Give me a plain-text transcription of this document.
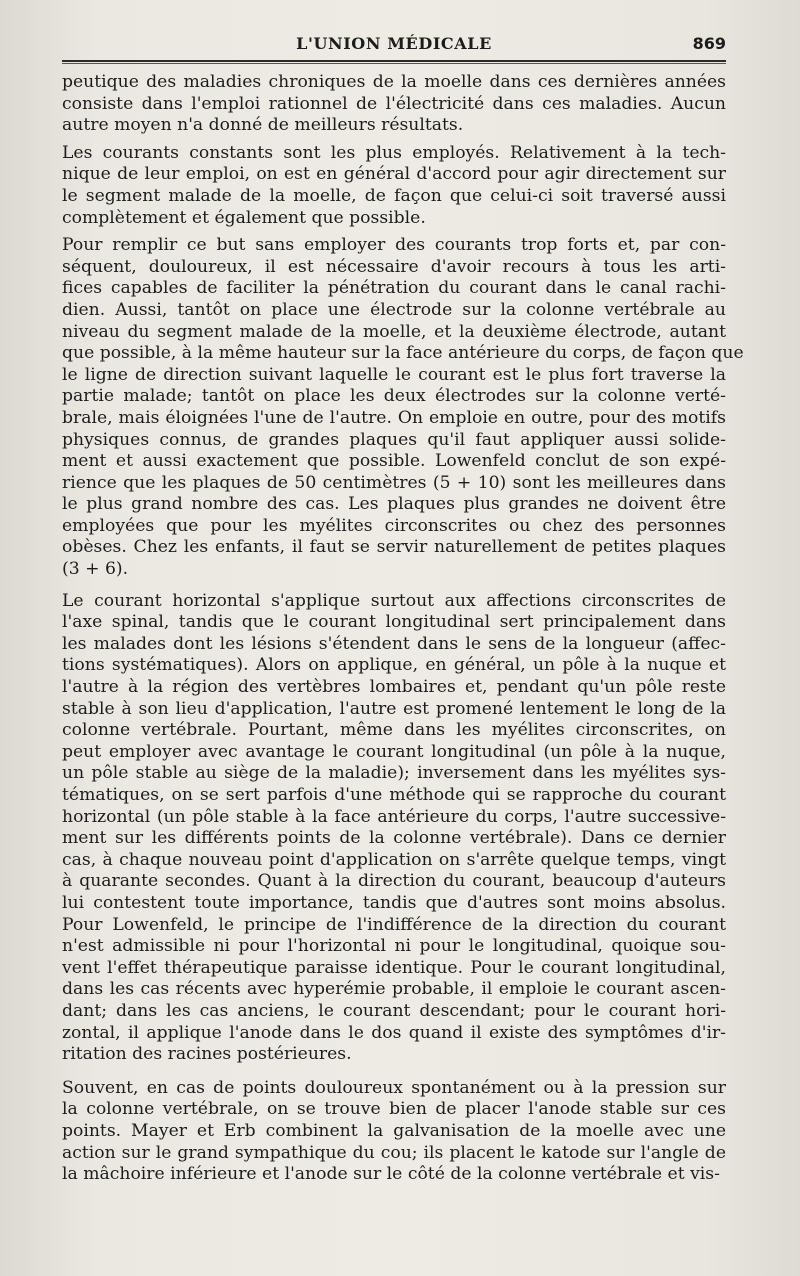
L'UNION MÉDICALE	869
peutique des maladies chroniques de la moelle dans ces dernières années
consiste dans l'emploi rationnel de l'électricité dans ces maladies. Aucun
autre moyen n'a donné de meilleurs résultats.
Les courants constants sont les plus employés. Relativement à la tech-
nique de leur emploi, on est en général d'accord pour agir directement sur
le segment malade de la moelle, de façon que celui-ci soit traversé aussi
complètement et également que possible.
Pour remplir ce but sans employer des courants trop forts et, par con-
séquent, douloureux, il est nécessaire d'avoir recours à tous les arti-
fices capables de faciliter la pénétration du courant dans le canal rachi-
dien. Aussi, tantôt on place une électrode sur la colonne vertébrale au
niveau du segment malade de la moelle, et la deuxième électrode, autant
que possible, à la même hauteur sur la face antérieure du corps, de façon que
le ligne de direction suivant laquelle le courant est le plus fort traverse la
partie malade; tantôt on place les deux électrodes sur la colonne verté-
brale, mais éloignées l'une de l'autre. On emploie en outre, pour des motifs
physiques connus, de grandes plaques qu'il faut appliquer aussi solide-
ment et aussi exactement que possible. Lowenfeld conclut de son expé-
rience que les plaques de 50 centimètres (5 + 10) sont les meilleures dans
le plus grand nombre des cas. Les plaques plus grandes ne doivent être
employées que pour les myélites circonscrites ou chez des personnes
obèses. Chez les enfants, il faut se servir naturellement de petites plaques
(3 + 6).
Le courant horizontal s'applique surtout aux affections circonscrites de
l'axe spinal, tandis que le courant longitudinal sert principalement dans
les malades dont les lésions s'étendent dans le sens de la longueur (affec-
tions systématiques). Alors on applique, en général, un pôle à la nuque et
l'autre à la région des vertèbres lombaires et, pendant qu'un pôle reste
stable à son lieu d'application, l'autre est promené lentement le long de la
colonne vertébrale. Pourtant, même dans les myélites circonscrites, on
peut employer avec avantage le courant longitudinal (un pôle à la nuque,
un pôle stable au siège de la maladie); inversement dans les myélites sys-
tématiques, on se sert parfois d'une méthode qui se rapproche du courant
horizontal (un pôle stable à la face antérieure du corps, l'autre successive-
ment sur les différents points de la colonne vertébrale). Dans ce dernier
cas, à chaque nouveau point d'application on s'arrête quelque temps, vingt
à quarante secondes. Quant à la direction du courant, beaucoup d'auteurs
lui contestent toute importance, tandis que d'autres sont moins absolus.
Pour Lowenfeld, le principe de l'indifférence de la direction du courant
n'est admissible ni pour l'horizontal ni pour le longitudinal, quoique sou-
vent l'effet thérapeutique paraisse identique. Pour le courant longitudinal,
dans les cas récents avec hyperémie probable, il emploie le courant ascen-
dant; dans les cas anciens, le courant descendant; pour le courant hori-
zontal, il applique l'anode dans le dos quand il existe des symptômes d'ir-
ritation des racines postérieures.
Souvent, en cas de points douloureux spontanément ou à la pression sur
la colonne vertébrale, on se trouve bien de placer l'anode stable sur ces
points. Mayer et Erb combinent la galvanisation de la moelle avec une
action sur le grand sympathique du cou; ils placent le katode sur l'angle de
la mâchoire inférieure et l'anode sur le côté de la colonne vertébrale et vis-
